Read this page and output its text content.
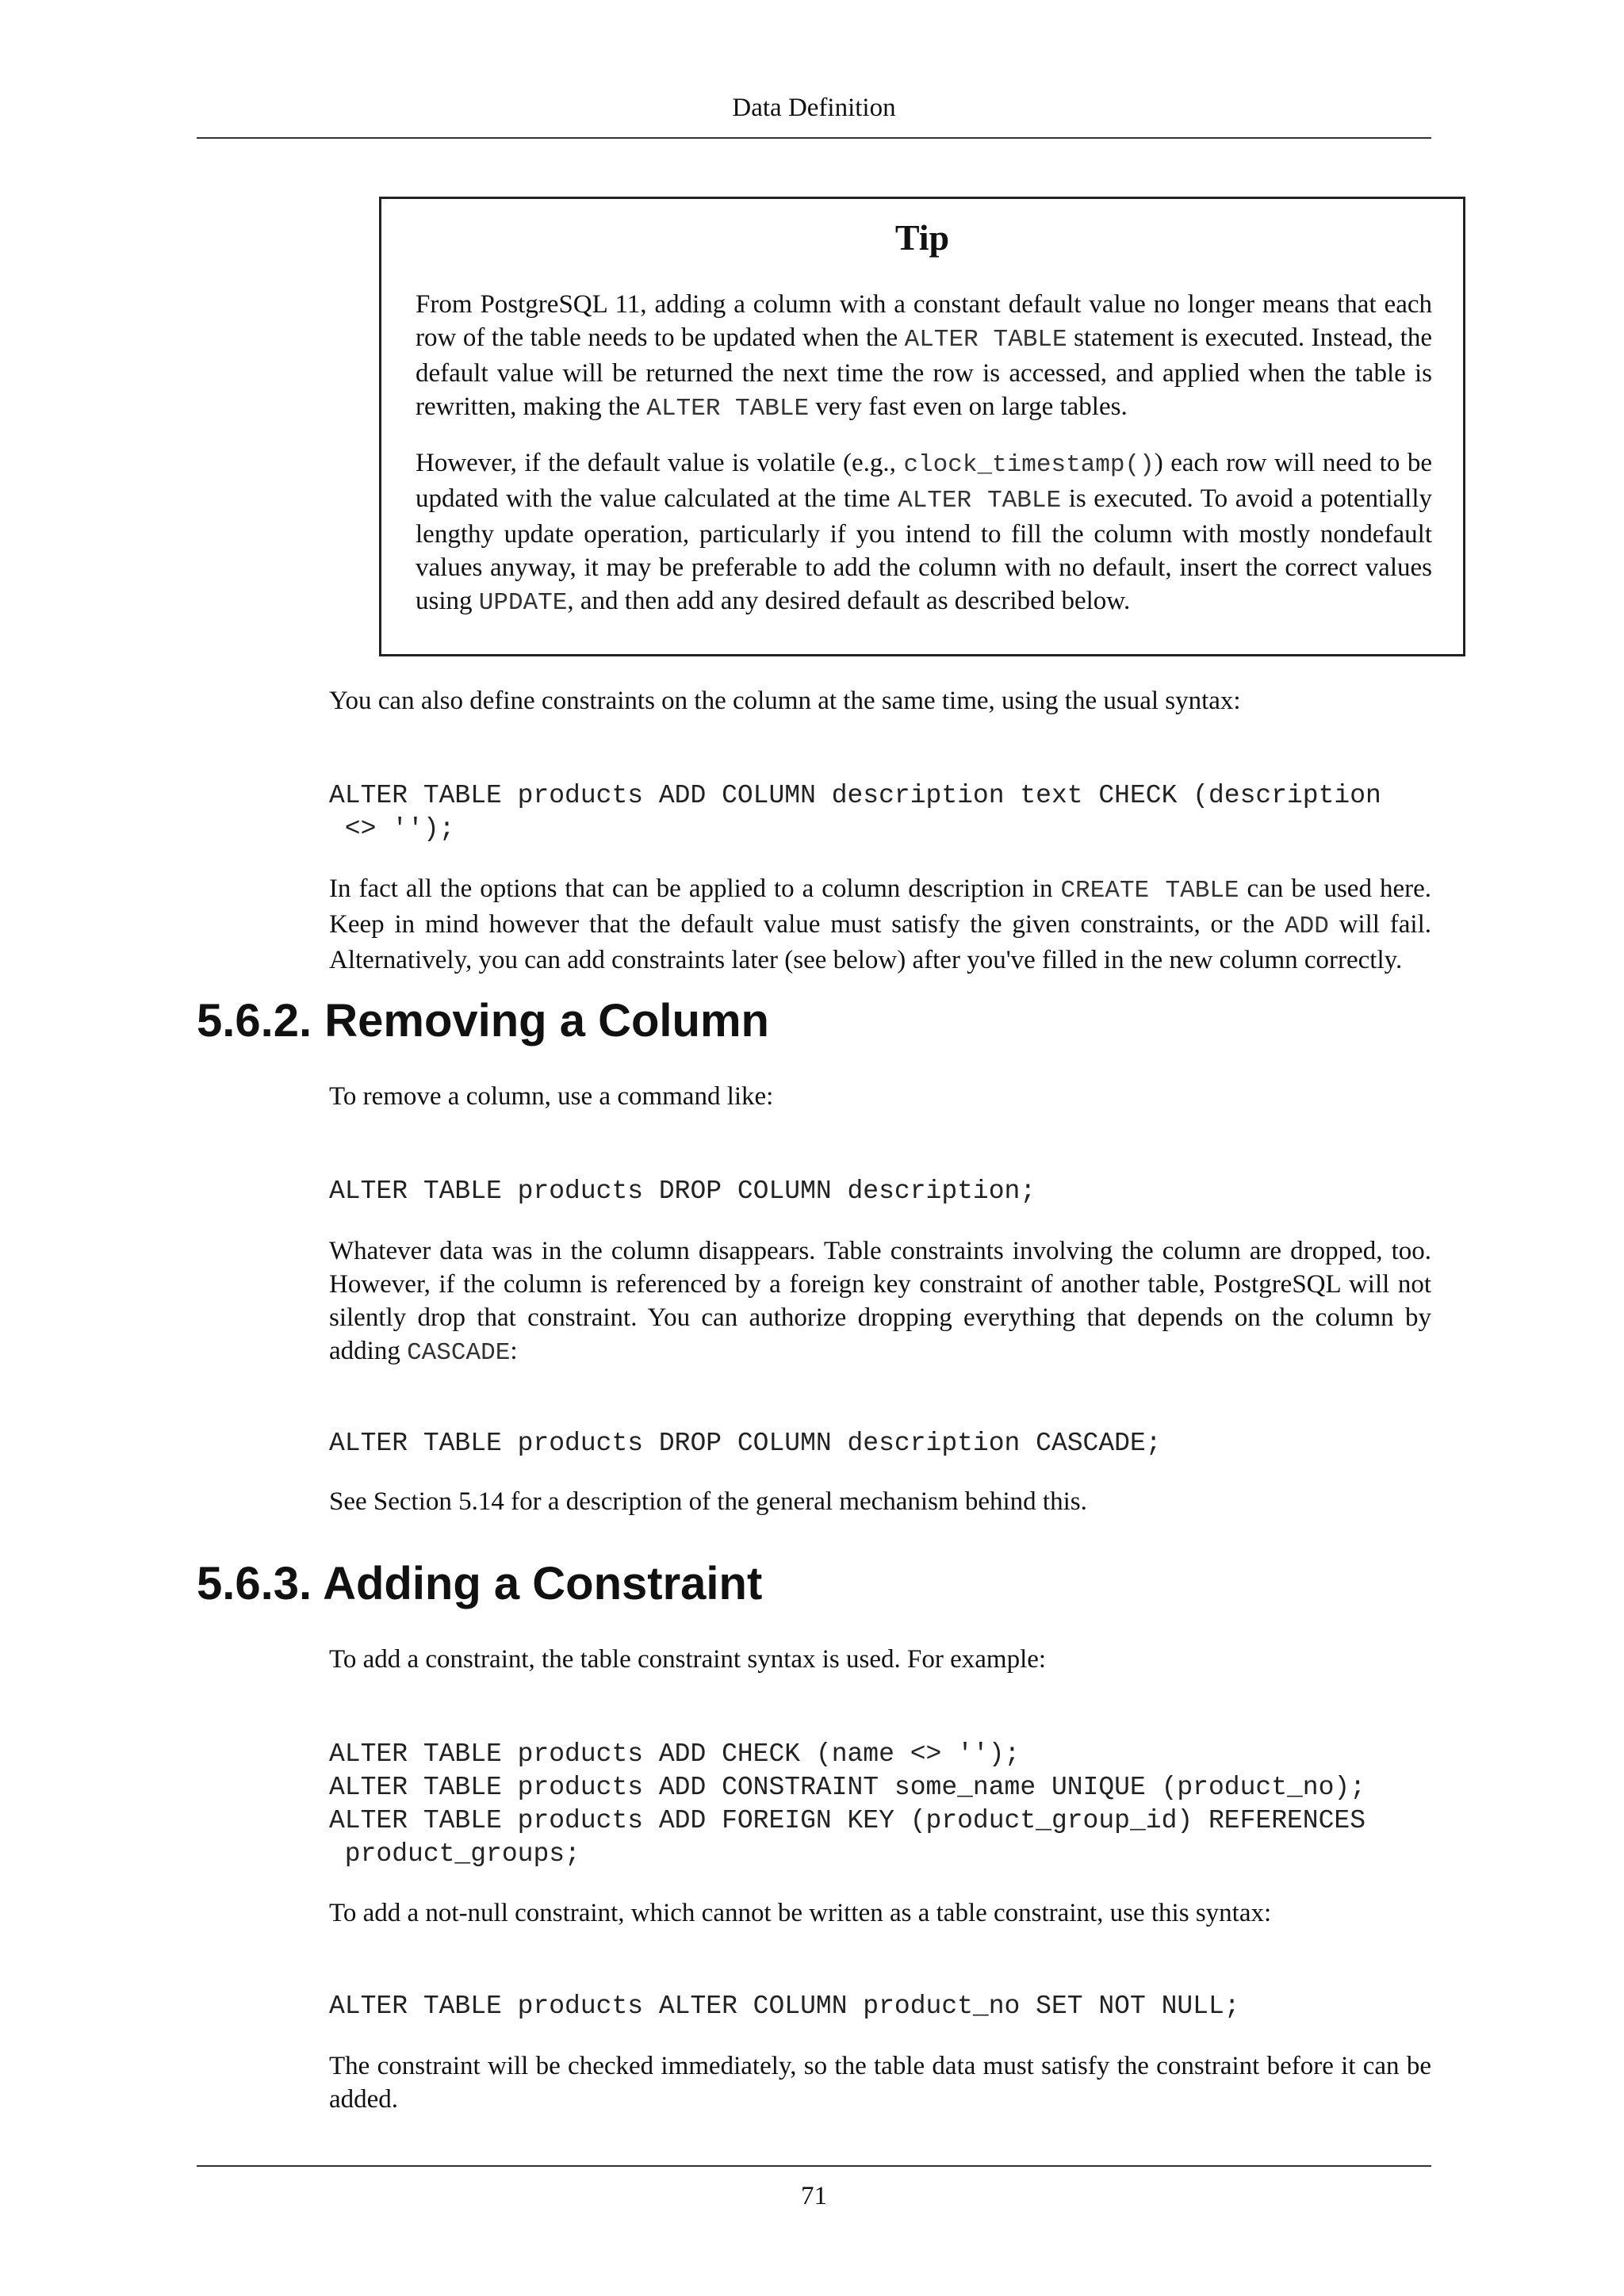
Data Definition
Tip

From PostgreSQL 11, adding a column with a constant default value no longer means that each row of the table needs to be updated when the ALTER TABLE statement is executed. Instead, the default value will be returned the next time the row is accessed, and applied when the table is rewritten, making the ALTER TABLE very fast even on large tables.

However, if the default value is volatile (e.g., clock_timestamp()) each row will need to be updated with the value calculated at the time ALTER TABLE is executed. To avoid a potentially lengthy update operation, particularly if you intend to fill the column with mostly nondefault values anyway, it may be preferable to add the column with no default, insert the correct values using UPDATE, and then add any desired default as described below.

You can also define constraints on the column at the same time, using the usual syntax:

ALTER TABLE products ADD COLUMN description text CHECK (description
<> '');

In fact all the options that can be applied to a column description in CREATE TABLE can be used here. Keep in mind however that the default value must satisfy the given constraints, or the ADD will fail. Alternatively, you can add constraints later (see below) after you've filled in the new column correctly.

5.6.2. Removing a Column

To remove a column, use a command like:

ALTER TABLE products DROP COLUMN description;

Whatever data was in the column disappears. Table constraints involving the column are dropped, too. However, if the column is referenced by a foreign key constraint of another table, PostgreSQL will not silently drop that constraint. You can authorize dropping everything that depends on the column by adding CASCADE:

ALTER TABLE products DROP COLUMN description CASCADE;

See Section 5.14 for a description of the general mechanism behind this.

5.6.3. Adding a Constraint

To add a constraint, the table constraint syntax is used. For example:

ALTER TABLE products ADD CHECK (name <> '');
ALTER TABLE products ADD CONSTRAINT some_name UNIQUE (product_no);
ALTER TABLE products ADD FOREIGN KEY (product_group_id) REFERENCES
product_groups;

To add a not-null constraint, which cannot be written as a table constraint, use this syntax:

ALTER TABLE products ALTER COLUMN product_no SET NOT NULL;

The constraint will be checked immediately, so the table data must satisfy the constraint before it can be added.

71
